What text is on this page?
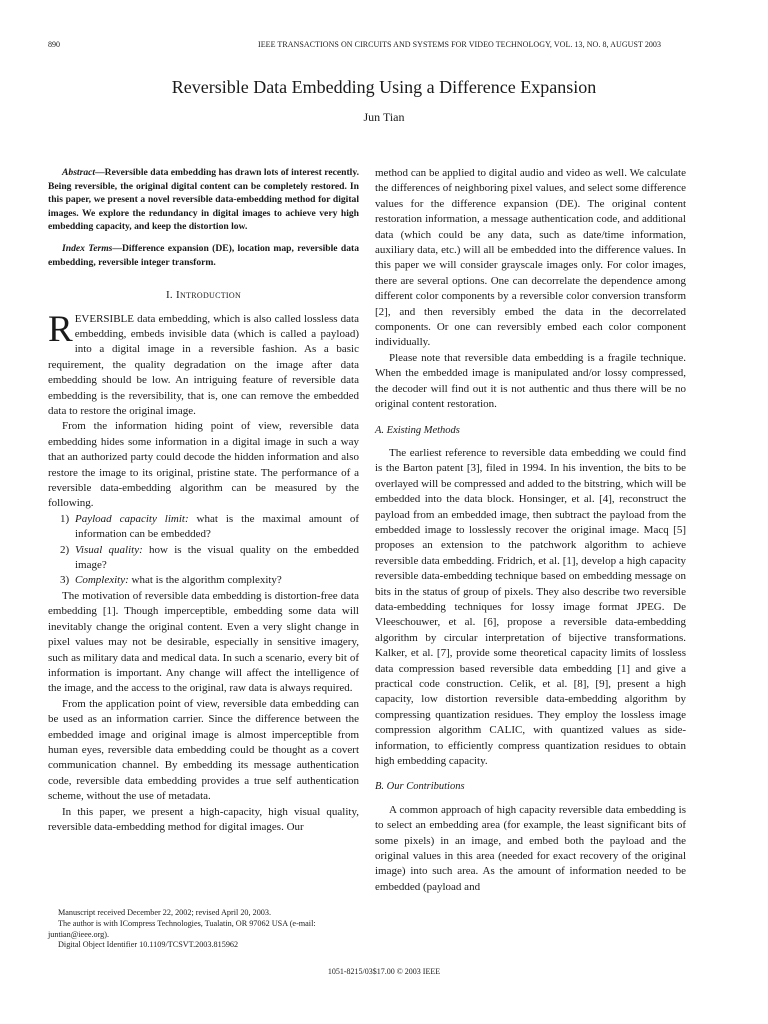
890	IEEE TRANSACTIONS ON CIRCUITS AND SYSTEMS FOR VIDEO TECHNOLOGY, VOL. 13, NO. 8, AUGUST 2003
Reversible Data Embedding Using a Difference Expansion
Jun Tian

Abstract—Reversible data embedding has drawn lots of interest recently. Being reversible, the original digital content can be completely restored. In this paper, we present a novel reversible data-embedding method for digital images. We explore the redundancy in digital images to achieve very high embedding capacity, and keep the distortion low.

Index Terms—Difference expansion (DE), location map, reversible data embedding, reversible integer transform.

I. Introduction

REVERSIBLE data embedding, which is also called lossless data embedding, embeds invisible data (which is called a payload) into a digital image in a reversible fashion. As a basic requirement, the quality degradation on the image after data embedding should be low. An intriguing feature of reversible data embedding is the reversibility, that is, one can remove the embedded data to restore the original image.

From the information hiding point of view, reversible data embedding hides some information in a digital image in such a way that an authorized party could decode the hidden information and also restore the image to its original, pristine state. The performance of a reversible data-embedding algorithm can be measured by the following.

1) Payload capacity limit: what is the maximal amount of information can be embedded?
2) Visual quality: how is the visual quality on the embedded image?
3) Complexity: what is the algorithm complexity?

The motivation of reversible data embedding is distortion-free data embedding [1]. Though imperceptible, embedding some data will inevitably change the original content. Even a very slight change in pixel values may not be desirable, especially in sensitive imagery, such as military data and medical data. In such a scenario, every bit of information is important. Any change will affect the intelligence of the image, and the access to the original, raw data is always required.

From the application point of view, reversible data embedding can be used as an information carrier. Since the difference between the embedded image and original image is almost imperceptible from human eyes, reversible data embedding could be thought as a covert communication channel. By embedding its message authentication code, reversible data embedding provides a true self authentication scheme, without the use of metadata.

In this paper, we present a high-capacity, high visual quality, reversible data-embedding method for digital images. Our

Manuscript received December 22, 2002; revised April 20, 2003.

The author is with ICompress Technologies, Tualatin, OR 97062 USA (e-mail: juntian@ieee.org).

Digital Object Identifier 10.1109/TCSVT.2003.815962

method can be applied to digital audio and video as well. We calculate the differences of neighboring pixel values, and select some difference values for the difference expansion (DE). The original content restoration information, a message authentication code, and additional data (which could be any data, such as date/time information, auxiliary data, etc.) will all be embedded into the difference values. In this paper we will consider grayscale images only. For color images, there are several options. One can decorrelate the dependence among different color components by a reversible color conversion transform [2], and then reversibly embed the data in the decorrelated components. Or one can reversibly embed each color component individually.

Please note that reversible data embedding is a fragile technique. When the embedded image is manipulated and/or lossy compressed, the decoder will find out it is not authentic and thus there will be no original content restoration.

A. Existing Methods

The earliest reference to reversible data embedding we could find is the Barton patent [3], filed in 1994. In his invention, the bits to be overlayed will be compressed and added to the bitstring, which will be embedded into the data block. Honsinger, et al. [4], reconstruct the payload from an embedded image, then subtract the payload from the embedded image to losslessly recover the original image. Macq [5] proposes an extension to the patchwork algorithm to achieve reversible data embedding. Fridrich, et al. [1], develop a high capacity reversible data-embedding technique based on embedding message on bits in the status of group of pixels. They also describe two reversible data-embedding techniques for lossy image format JPEG. De Vleeschouwer, et al. [6], propose a reversible data-embedding algorithm by circular interpretation of bijective transformations. Kalker, et al. [7], provide some theoretical capacity limits of lossless data compression based reversible data embedding [1] and give a practical code construction. Celik, et al. [8], [9], present a high capacity, low distortion reversible data-embedding algorithm by compressing quantization residues. They employ the lossless image compression algorithm CALIC, with quantized values as side-information, to efficiently compress quantization residues to obtain high embedding capacity.

B. Our Contributions

A common approach of high capacity reversible data embedding is to select an embedding area (for example, the least significant bits of some pixels) in an image, and embed both the payload and the original values in this area (needed for exact recovery of the original image) into such area. As the amount of information needed to be embedded (payload and

1051-8215/03$17.00 © 2003 IEEE
